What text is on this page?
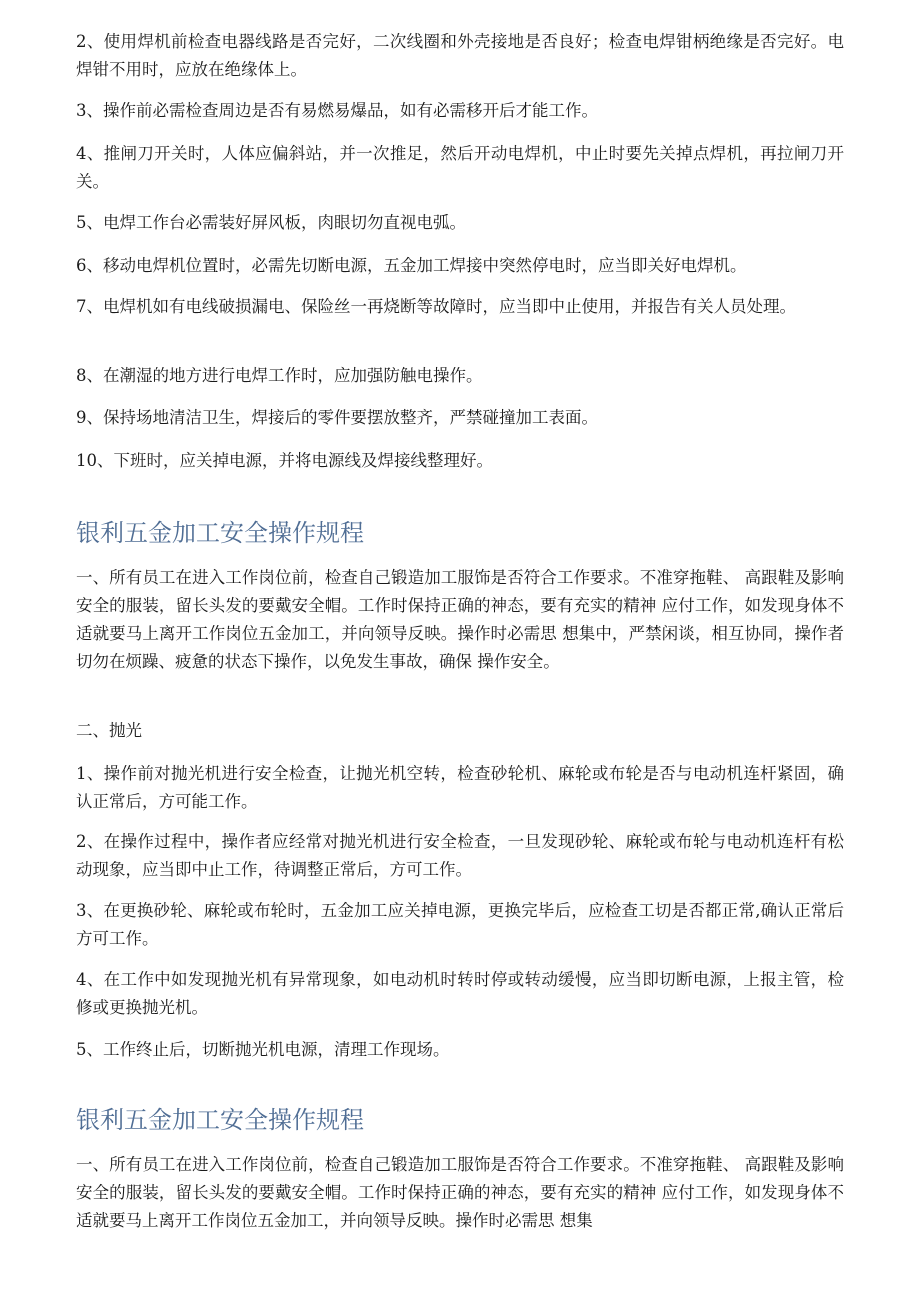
2、使用焊机前检查电器线路是否完好，二次线圈和外壳接地是否良好；检查电焊钳柄绝缘是否完好。电焊钳不用时，应放在绝缘体上。

3、操作前必需检查周边是否有易燃易爆品，如有必需移开后才能工作。

4、推闸刀开关时，人体应偏斜站，并一次推足，然后开动电焊机，中止时要先关掉点焊机，再拉闸刀开关。

5、电焊工作台必需装好屏风板，肉眼切勿直视电弧。

6、移动电焊机位置时，必需先切断电源，五金加工焊接中突然停电时，应当即关好电焊机。

7、电焊机如有电线破损漏电、保险丝一再烧断等故障时，应当即中止使用，并报告有关人员处理。

8、在潮湿的地方进行电焊工作时，应加强防触电操作。

9、保持场地清洁卫生，焊接后的零件要摆放整齐，严禁碰撞加工表面。

10、下班时，应关掉电源，并将电源线及焊接线整理好。

银利五金加工安全操作规程

一、所有员工在进入工作岗位前，检查自己锻造加工服饰是否符合工作要求。不准穿拖鞋、 高跟鞋及影响安全的服装，留长头发的要戴安全帽。工作时保持正确的神态，要有充实的精神 应付工作，如发现身体不适就要马上离开工作岗位五金加工，并向领导反映。操作时必需思 想集中，严禁闲谈，相互协同，操作者切勿在烦躁、疲惫的状态下操作，以免发生事故，确保 操作安全。

二、抛光

1、操作前对抛光机进行安全检查，让抛光机空转，检查砂轮机、麻轮或布轮是否与电动机连杆紧固，确认正常后，方可能工作。

2、在操作过程中，操作者应经常对抛光机进行安全检查，一旦发现砂轮、麻轮或布轮与电动机连杆有松动现象，应当即中止工作，待调整正常后，方可工作。

3、在更换砂轮、麻轮或布轮时，五金加工应关掉电源，更换完毕后，应检查工切是否都正常,确认正常后方可工作。

4、在工作中如发现抛光机有异常现象，如电动机时转时停或转动缓慢，应当即切断电源，上报主管，检修或更换抛光机。

5、工作终止后，切断抛光机电源，清理工作现场。

银利五金加工安全操作规程

一、所有员工在进入工作岗位前，检查自己锻造加工服饰是否符合工作要求。不准穿拖鞋、 高跟鞋及影响安全的服装，留长头发的要戴安全帽。工作时保持正确的神态，要有充实的精神 应付工作，如发现身体不适就要马上离开工作岗位五金加工，并向领导反映。操作时必需思 想集
